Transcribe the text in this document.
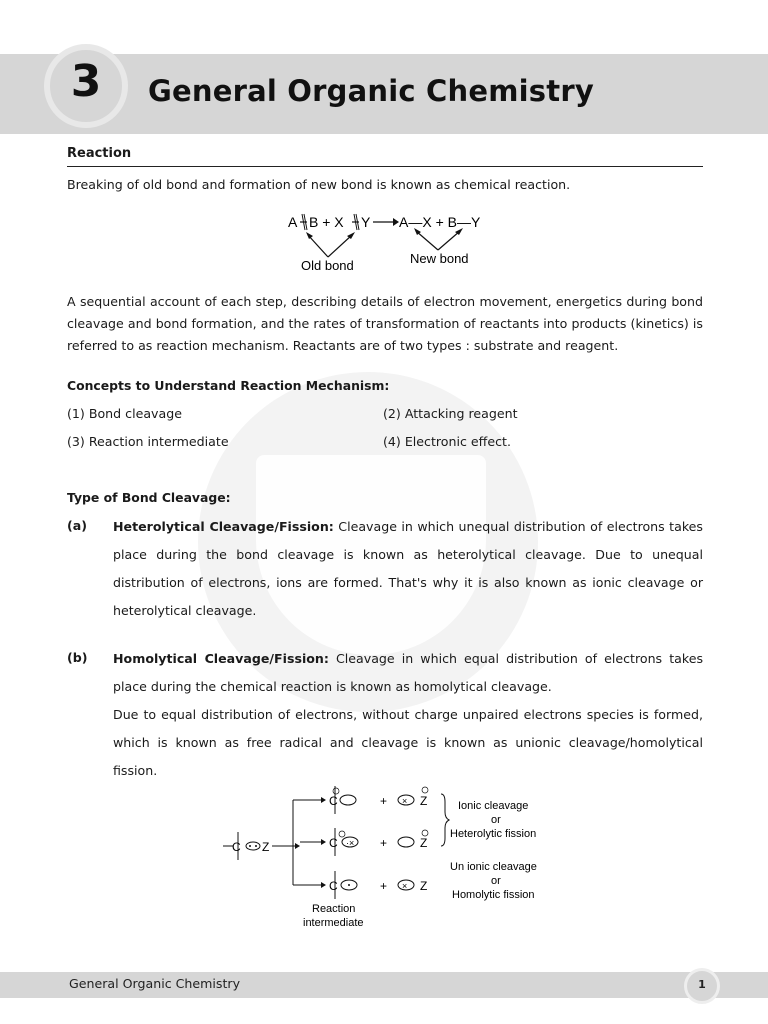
3	General Organic Chemistry
Reaction
Breaking of old bond and formation of new bond is known as chemical reaction.
A B + X Y A—X + B—Y
Old bond	New bond
A sequential account of each step, describing details of electron movement, energetics during bond cleavage and bond formation, and the rates of transformation of reactants into products (kinetics) is referred to as reaction mechanism. Reactants are of two types : substrate and reagent.
Concepts to Understand Reaction Mechanism:
(1) Bond cleavage	(2) Attacking reagent
(3) Reaction intermediate	(4) Electronic effect.
Type of Bond Cleavage:
(a) Heterolytical Cleavage/Fission: Cleavage in which unequal distribution of electrons takes place during the bond cleavage is known as heterolytical cleavage. Due to unequal distribution of electrons, ions are formed. That's why it is also known as ionic cleavage or heterolytical cleavage.
(b) Homolytical Cleavage/Fission: Cleavage in which equal distribution of electrons takes place during the chemical reaction is known as homolytical cleavage.
Due to equal distribution of electrons, without charge unpaired electrons species is formed, which is known as free radical and cleavage is known as unionic cleavage/homolytical fission.
C Z
C	+ × Z
C ·× +	Z
C	+ × Z
Ionic cleavage
or
Heterolytic fission
Un ionic cleavage
or
Homolytic fission
Reaction
intermediate
General Organic Chemistry	1
